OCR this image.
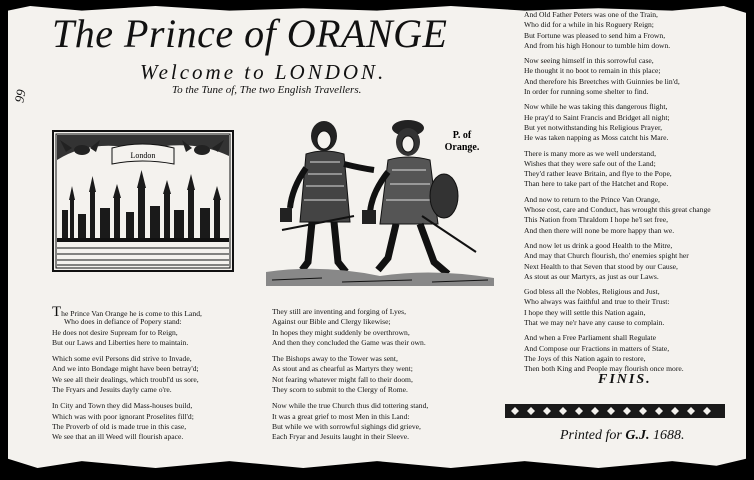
99
The Prince of ORANGE
Welcome to LONDON.
To the Tune of, The two English Travellers.
London
P. of
Orange.
The Prince Van Orange he is come to this Land,
Who does in defiance of Popery stand:
He does not desire Supream for to Reign,
But our Laws and Liberties here to maintain.
Which some evil Persons did strive to Invade,
And we into Bondage might have been betray'd;
We see all their dealings, which troubl'd us sore,
The Fryars and Jesuits dayly came o're.
In City and Town they did Mass-houses build,
Which was with poor ignorant Proselites fill'd;
The Proverb of old is made true in this case,
We see that an ill Weed will flourish apace.
They still are inventing and forging of Lyes,
Against our Bible and Clergy likewise;
In hopes they might suddenly be overthrown,
And then they concluded the Game was their own.
The Bishops away to the Tower was sent,
As stout and as chearful as Martyrs they went;
Not fearing whatever might fall to their doom,
They scorn to submit to the Clergy of Rome.
Now while the true Church thus did tottering stand,
It was a great grief to most Men in this Land:
But while we with sorrowful sighings did grieve,
Each Fryar and Jesuits laught in their Sleeve.
And Old Father Peters was one of the Train,
Who did for a while in his Roguery Reign;
But Fortune was pleased to send him a Frown,
And from his high Honour to tumble him down.
Now seeing himself in this sorrowful case,
He thought it no boot to remain in this place;
And therefore his Breetches with Guinnies be lin'd,
In order for running some shelter to find.
Now while he was taking this dangerous flight,
He pray'd to Saint Francis and Bridget all night;
But yet notwithstanding his Religious Prayer,
He was taken napping as Moss catcht his Mare.
There is many more as we well understand,
Wishes that they were safe out of the Land;
They'd rather leave Britain, and flye to the Pope,
Than here to take part of the Hatchet and Rope.
And now to return to the Prince Van Orange,
Whose cost, care and Conduct, has wrought this great change
This Nation from Thraldom I hope he'l set free,
And then there will none be more happy than we.
And now let us drink a good Health to the Mitre,
And may that Church flourish, tho' enemies spight her
Next Health to that Seven that stood by our Cause,
As stout as our Martyrs, as just as our Laws.
God bless all the Nobles, Religious and Just,
Who always was faithful and true to their Trust:
I hope they will settle this Nation again,
That we may ne'r have any cause to complain.
And when a Free Parliament shall Regulate
And Compose our Fractions in matters of State,
The Joys of this Nation again to restore,
Then both King and People may flourish once more.
FINIS.
Printed for G.J. 1688.
